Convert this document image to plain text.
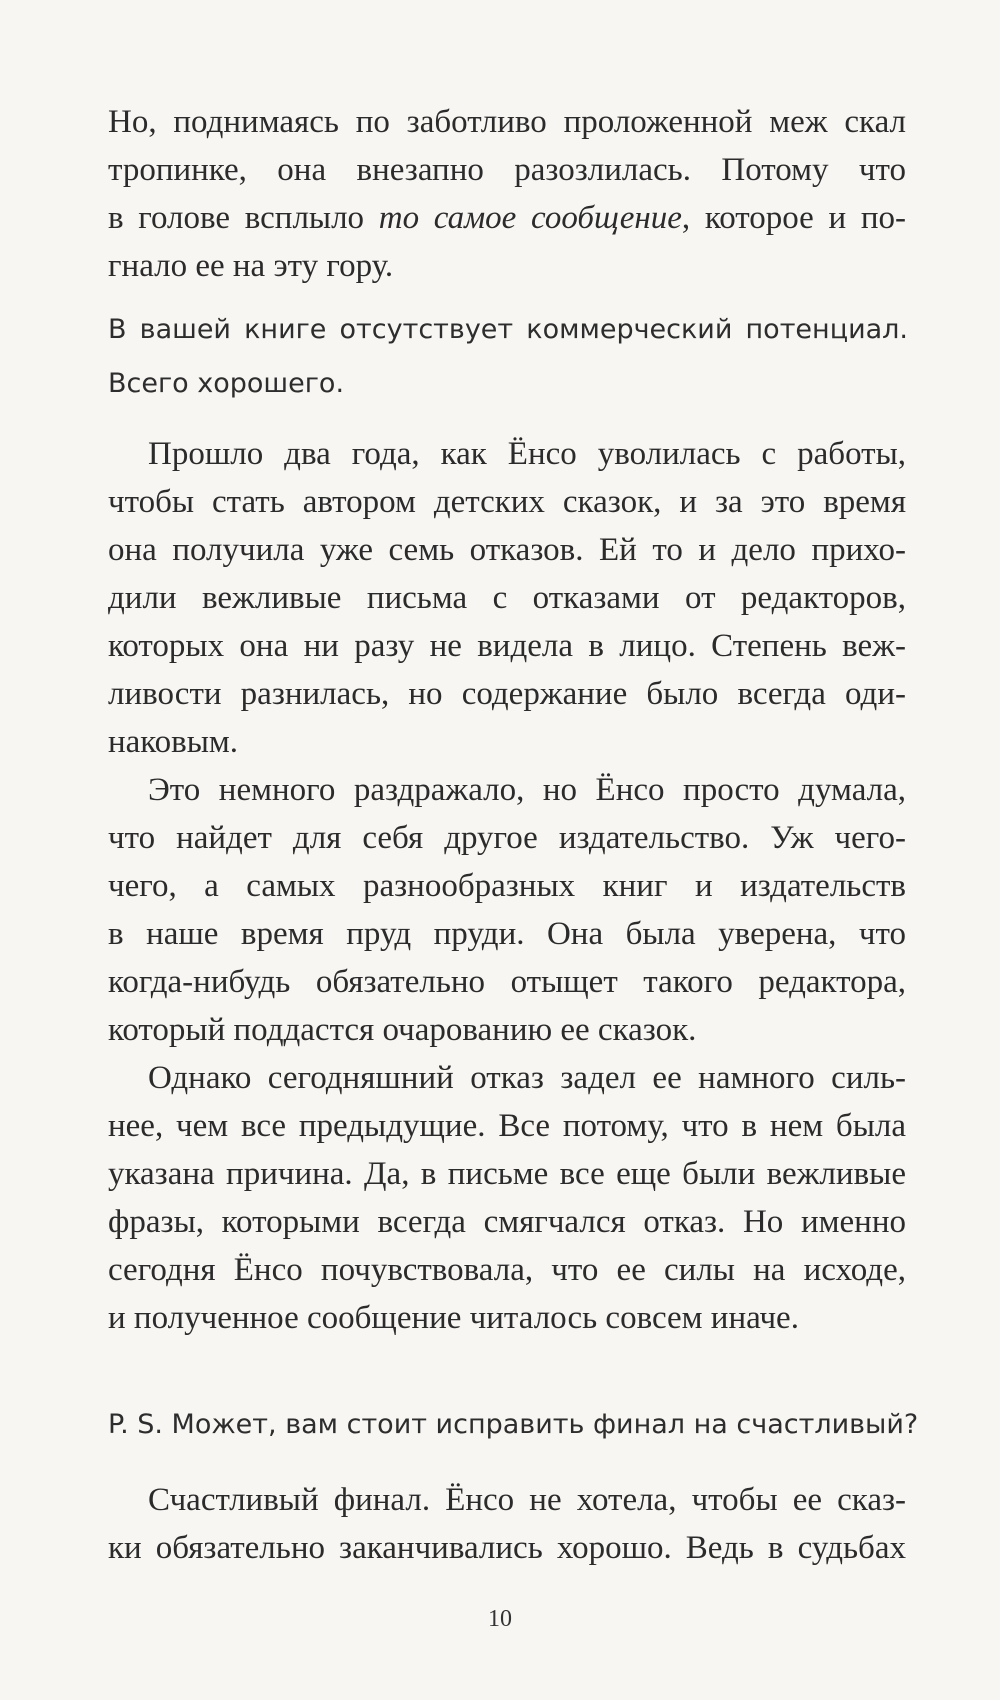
Но, поднимаясь по заботливо проложенной меж скал
тропинке, она внезапно разозлилась. Потому что
в голове всплыло то самое сообщение, которое и по-
гнало ее на эту гору.
В вашей книге отсутствует коммерческий потенциал.
Всего хорошего.
Прошло два года, как Ёнсо уволилась с работы,
чтобы стать автором детских сказок, и за это время
она получила уже семь отказов. Ей то и дело прихо-
дили вежливые письма с отказами от редакторов,
которых она ни разу не видела в лицо. Степень веж-
ливости разнилась, но содержание было всегда оди-
наковым.
Это немного раздражало, но Ёнсо просто думала,
что найдет для себя другое издательство. Уж чего-
чего, а самых разнообразных книг и издательств
в наше время пруд пруди. Она была уверена, что
когда-нибудь обязательно отыщет такого редактора,
который поддастся очарованию ее сказок.
Однако сегодняшний отказ задел ее намного силь-
нее, чем все предыдущие. Все потому, что в нем была
указана причина. Да, в письме все еще были вежливые
фразы, которыми всегда смягчался отказ. Но именно
сегодня Ёнсо почувствовала, что ее силы на исходе,
и полученное сообщение читалось совсем иначе.
P. S. Может, вам стоит исправить финал на счастливый?
Счастливый финал. Ёнсо не хотела, чтобы ее сказ-
ки обязательно заканчивались хорошо. Ведь в судьбах
10
